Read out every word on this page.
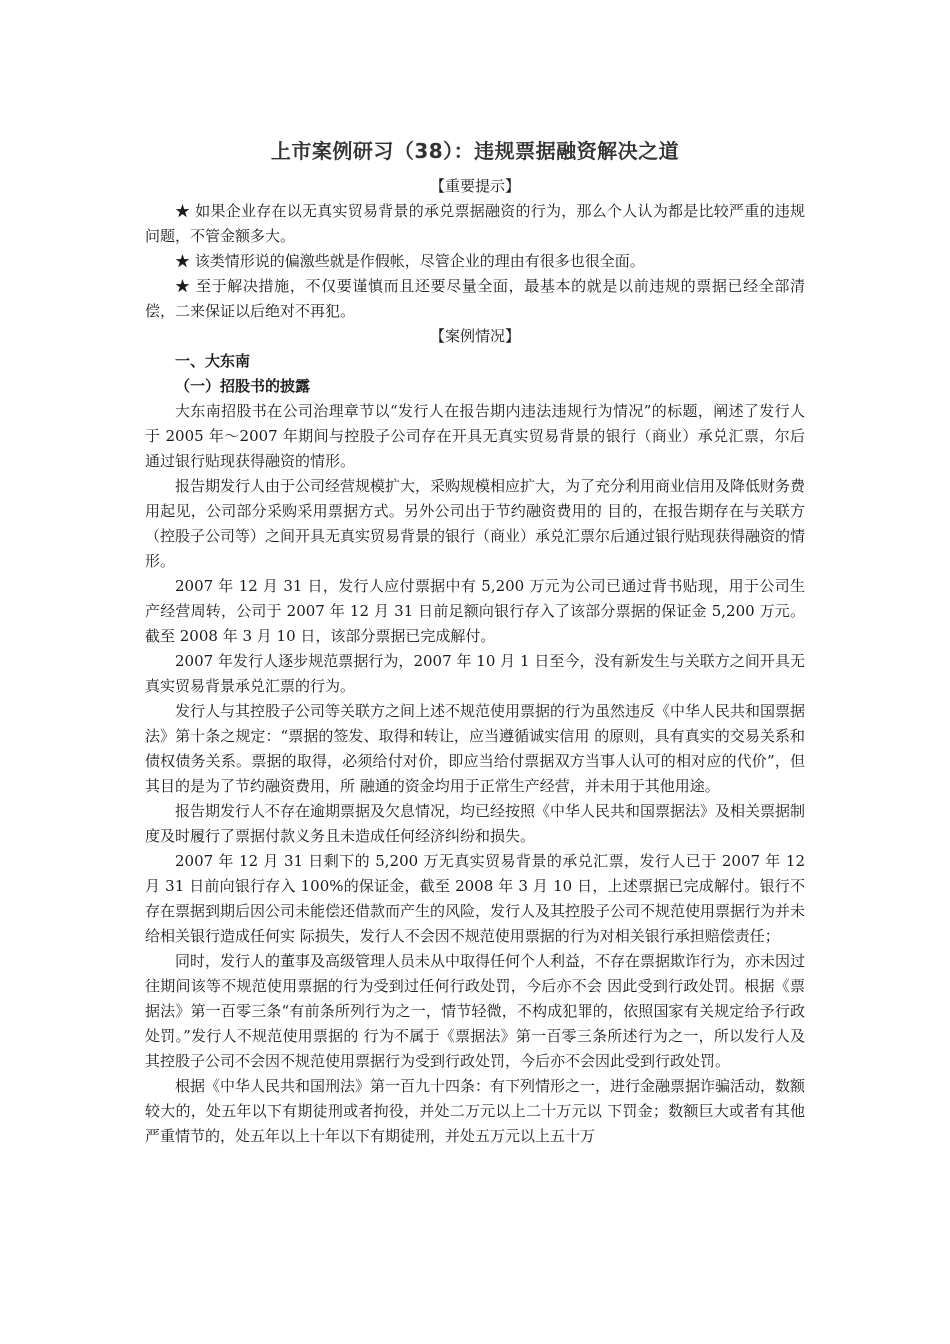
上市案例研习（38）：违规票据融资解决之道

【重要提示】

★ 如果企业存在以无真实贸易背景的承兑票据融资的行为，那么个人认为都是比较严重的违规问题，不管金额多大。

★ 该类情形说的偏激些就是作假帐，尽管企业的理由有很多也很全面。

★ 至于解决措施，不仅要谨慎而且还要尽量全面，最基本的就是以前违规的票据已经全部清偿，二来保证以后绝对不再犯。

【案例情况】

一、大东南

（一）招股书的披露

大东南招股书在公司治理章节以“发行人在报告期内违法违规行为情况”的标题，阐述了发行人于 2005 年～2007 年期间与控股子公司存在开具无真实贸易背景的银行（商业）承兑汇票，尔后通过银行贴现获得融资的情形。

报告期发行人由于公司经营规模扩大，采购规模相应扩大，为了充分利用商业信用及降低财务费用起见，公司部分采购采用票据方式。另外公司出于节约融资费用的 目的，在报告期存在与关联方（控股子公司等）之间开具无真实贸易背景的银行（商业）承兑汇票尔后通过银行贴现获得融资的情形。

2007 年 12 月 31 日，发行人应付票据中有 5,200 万元为公司已通过背书贴现，用于公司生产经营周转，公司于 2007 年 12 月 31 日前足额向银行存入了该部分票据的保证金 5,200 万元。截至 2008 年 3 月 10 日，该部分票据已完成解付。

2007 年发行人逐步规范票据行为，2007 年 10 月 1 日至今，没有新发生与关联方之间开具无真实贸易背景承兑汇票的行为。

发行人与其控股子公司等关联方之间上述不规范使用票据的行为虽然违反《中华人民共和国票据法》第十条之规定：“票据的签发、取得和转让，应当遵循诚实信用 的原则，具有真实的交易关系和债权债务关系。票据的取得，必须给付对价，即应当给付票据双方当事人认可的相对应的代价”，但其目的是为了节约融资费用，所 融通的资金均用于正常生产经营，并未用于其他用途。

报告期发行人不存在逾期票据及欠息情况，均已经按照《中华人民共和国票据法》及相关票据制度及时履行了票据付款义务且未造成任何经济纠纷和损失。

2007 年 12 月 31 日剩下的 5,200 万无真实贸易背景的承兑汇票，发行人已于 2007 年 12 月 31 日前向银行存入 100%的保证金，截至 2008 年 3 月 10 日，上述票据已完成解付。银行不存在票据到期后因公司未能偿还借款而产生的风险，发行人及其控股子公司不规范使用票据行为并未给相关银行造成任何实 际损失，发行人不会因不规范使用票据的行为对相关银行承担赔偿责任；

同时，发行人的董事及高级管理人员未从中取得任何个人利益，不存在票据欺诈行为，亦未因过往期间该等不规范使用票据的行为受到过任何行政处罚，今后亦不会 因此受到行政处罚。根据《票据法》第一百零三条“有前条所列行为之一，情节轻微，不构成犯罪的，依照国家有关规定给予行政处罚。”发行人不规范使用票据的 行为不属于《票据法》第一百零三条所述行为之一，所以发行人及其控股子公司不会因不规范使用票据行为受到行政处罚，今后亦不会因此受到行政处罚。

根据《中华人民共和国刑法》第一百九十四条：有下列情形之一，进行金融票据诈骗活动，数额较大的，处五年以下有期徒刑或者拘役，并处二万元以上二十万元以 下罚金；数额巨大或者有其他严重情节的，处五年以上十年以下有期徒刑，并处五万元以上五十万
